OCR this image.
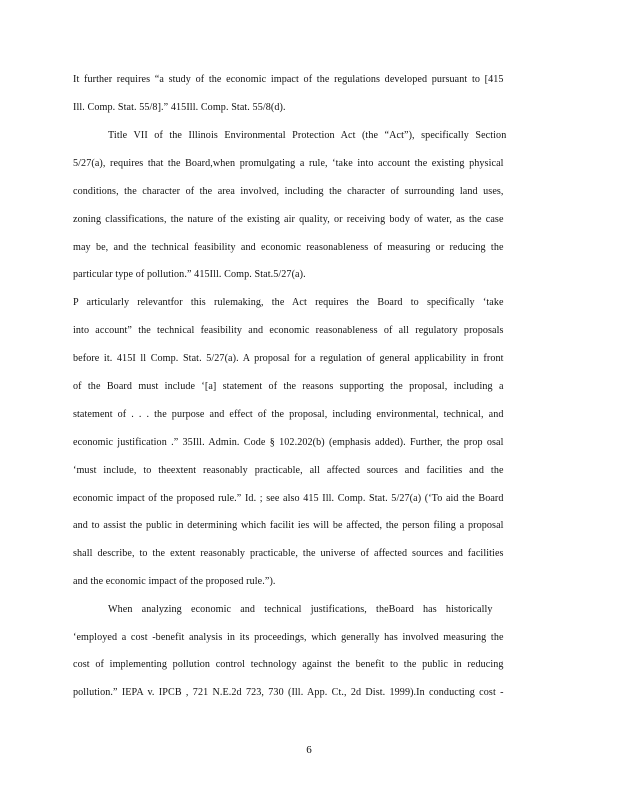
It further requires “a study of the economic impact of the regulations developed pursuant to [415
Ill. Comp. Stat. 55/8].” 415Ill. Comp. Stat. 55/8(d).
Title VII of the Illinois Environmental Protection Act (the “Act”), specifically Section
5/27(a), requires that the Board,when promulgating a rule, ‘take into account the existing physical
conditions, the character of the area involved, including the character of surrounding land uses,
zoning classifications, the nature of the existing air quality, or receiving body of water, as the case
may be, and the technical feasibility and economic reasonableness of measuring or reducing the
particular type of pollution.” 415Ill. Comp. Stat.5/27(a).
P articularly relevantfor this rulemaking, the Act requires the Board to specifically ‘take
into account” the technical feasibility and economic reasonableness of all regulatory proposals
before it. 415I ll Comp. Stat. 5/27(a). A proposal for a regulation of general applicability in front
of the Board must include ‘[a] statement of the reasons supporting the proposal, including a
statement of . . . the purpose and effect of the proposal, including environmental, technical, and
economic justification .” 35Ill. Admin. Code § 102.202(b) (emphasis added). Further, the prop osal
‘must include, to theextent reasonably practicable, all affected sources and facilities and the
economic impact of the proposed rule.” Id. ; see also 415 Ill. Comp. Stat. 5/27(a) (‘To aid the Board
and to assist the public in determining which facilit ies will be affected, the person filing a proposal
shall describe, to the extent reasonably practicable, the universe of affected sources and facilities
and the economic impact of the proposed rule.”).
When analyzing economic and technical justifications, theBoard has historically
‘employed a cost -benefit analysis in its proceedings, which generally has involved measuring the
cost of implementing pollution control technology against the benefit to the public in reducing
pollution.” IEPA v. IPCB , 721 N.E.2d 723, 730 (Ill. App. Ct., 2d Dist. 1999).In conducting cost -
6
